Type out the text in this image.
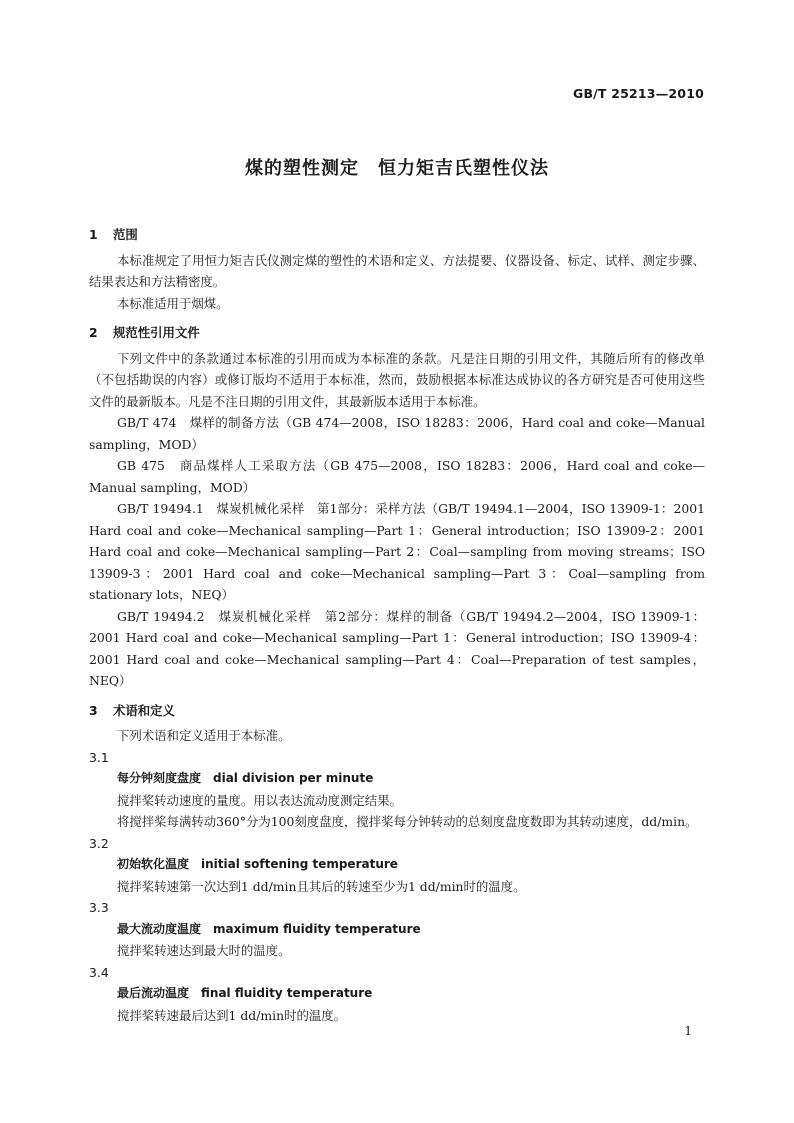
GB/T 25213—2010
煤的塑性测定　恒力矩吉氏塑性仪法
1 范围

本标准规定了用恒力矩吉氏仪测定煤的塑性的术语和定义、方法提要、仪器设备、标定、试样、测定步骤、结果表达和方法精密度。

本标准适用于烟煤。

2 规范性引用文件

下列文件中的条款通过本标准的引用而成为本标准的条款。凡是注日期的引用文件，其随后所有的修改单（不包括勘误的内容）或修订版均不适用于本标准，然而，鼓励根据本标准达成协议的各方研究是否可使用这些文件的最新版本。凡是不注日期的引用文件，其最新版本适用于本标准。

GB/T 474　煤样的制备方法（GB 474—2008，ISO 18283：2006，Hard coal and coke—Manual sampling，MOD）

GB 475　商品煤样人工采取方法（GB 475—2008，ISO 18283：2006，Hard coal and coke—Manual sampling，MOD）

GB/T 19494.1　煤炭机械化采样　第1部分：采样方法（GB/T 19494.1—2004，ISO 13909-1：2001 Hard coal and coke—Mechanical sampling—Part 1：General introduction；ISO 13909-2：2001 Hard coal and coke—Mechanical sampling—Part 2：Coal—sampling from moving streams；ISO 13909-3：2001 Hard coal and coke—Mechanical sampling—Part 3：Coal—sampling from stationary lots，NEQ）

GB/T 19494.2　煤炭机械化采样　第2部分：煤样的制备（GB/T 19494.2—2004，ISO 13909-1：2001 Hard coal and coke—Mechanical sampling—Part 1：General introduction；ISO 13909-4：2001 Hard coal and coke—Mechanical sampling—Part 4：Coal—Preparation of test samples，NEQ）

3 术语和定义

下列术语和定义适用于本标准。

3.1

每分钟刻度盘度　dial division per minute

搅拌桨转动速度的量度。用以表达流动度测定结果。

将搅拌桨每满转动360°分为100刻度盘度，搅拌桨每分钟转动的总刻度盘度数即为其转动速度，dd/min。

3.2

初始软化温度　initial softening temperature

搅拌桨转速第一次达到1 dd/min且其后的转速至少为1 dd/min时的温度。

3.3

最大流动度温度　maximum fluidity temperature

搅拌桨转速达到最大时的温度。

3.4

最后流动温度　final fluidity temperature

搅拌桨转速最后达到1 dd/min时的温度。

1
